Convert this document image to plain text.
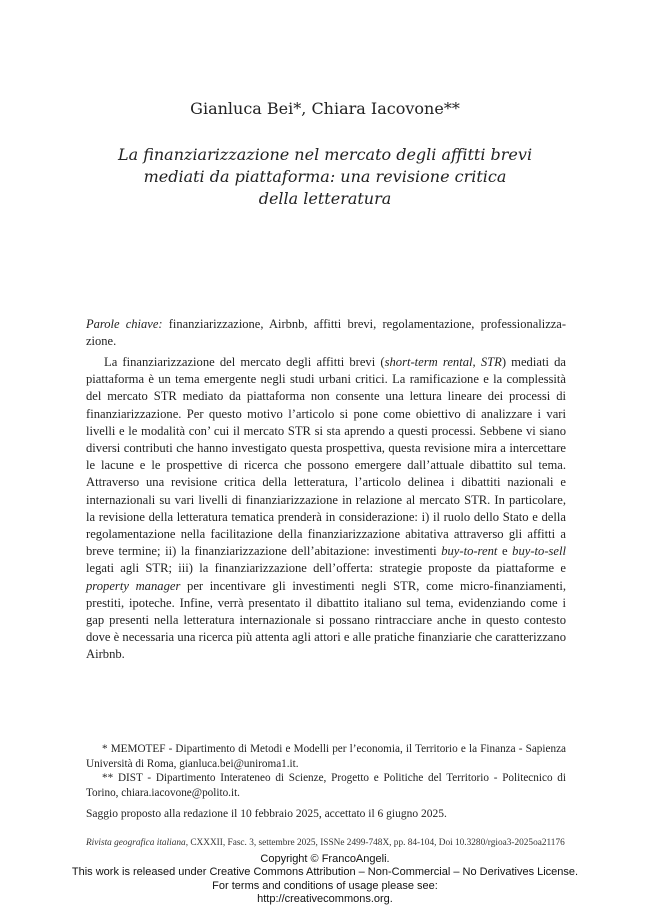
Gianluca Bei*, Chiara Iacovone**
La finanziarizzazione nel mercato degli affitti brevi
mediati da piattaforma: una revisione critica
della letteratura
Parole chiave: finanziarizzazione, Airbnb, affitti brevi, regolamentazione, professionalizzazione.
La finanziarizzazione del mercato degli affitti brevi (short-term rental, STR) mediati da piattaforma è un tema emergente negli studi urbani critici. La ramificazione e la complessità del mercato STR mediato da piattaforma non consente una lettura lineare dei processi di finanziarizzazione. Per questo motivo l’articolo si pone come obiettivo di analizzare i vari livelli e le modalità con’ cui il mercato STR si sta aprendo a questi processi. Sebbene vi siano diversi contributi che hanno investigato questa prospettiva, questa revisione mira a intercettare le lacune e le prospettive di ricerca che possono emergere dall’attuale dibattito sul tema. Attraverso una revisione critica della letteratura, l’articolo delinea i dibattiti nazionali e internazionali su vari livelli di finanziarizzazione in relazione al mercato STR. In particolare, la revisione della letteratura tematica prenderà in considerazione: i) il ruolo dello Stato e della regolamentazione nella facilitazione della finanziarizzazione abitativa attraverso gli affitti a breve termine; ii) la finanziarizzazione dell’abitazione: investimenti buy-to-rent e buy-to-sell legati agli STR; iii) la finanziarizzazione dell’offerta: strategie proposte da piattaforme e property manager per incentivare gli investimenti negli STR, come micro-finanziamenti, prestiti, ipoteche. Infine, verrà presentato il dibattito italiano sul tema, evidenziando come i gap presenti nella letteratura internazionale si possano rintracciare anche in questo contesto dove è necessaria una ricerca più attenta agli attori e alle pratiche finanziarie che caratterizzano Airbnb.

* MEMOTEF - Dipartimento di Metodi e Modelli per l’economia, il Territorio e la Finanza - Sapienza Università di Roma, gianluca.bei@uniroma1.it.

** DIST - Dipartimento Interateneo di Scienze, Progetto e Politiche del Territorio - Politecnico di Torino, chiara.iacovone@polito.it.

Saggio proposto alla redazione il 10 febbraio 2025, accettato il 6 giugno 2025.

Rivista geografica italiana, CXXXII, Fasc. 3, settembre 2025, ISSNe 2499-748X, pp. 84-104, Doi 10.3280/rgioa3-2025oa21176
Copyright © FrancoAngeli.
This work is released under Creative Commons Attribution – Non-Commercial – No Derivatives License.
For terms and conditions of usage please see:
http://creativecommons.org.
